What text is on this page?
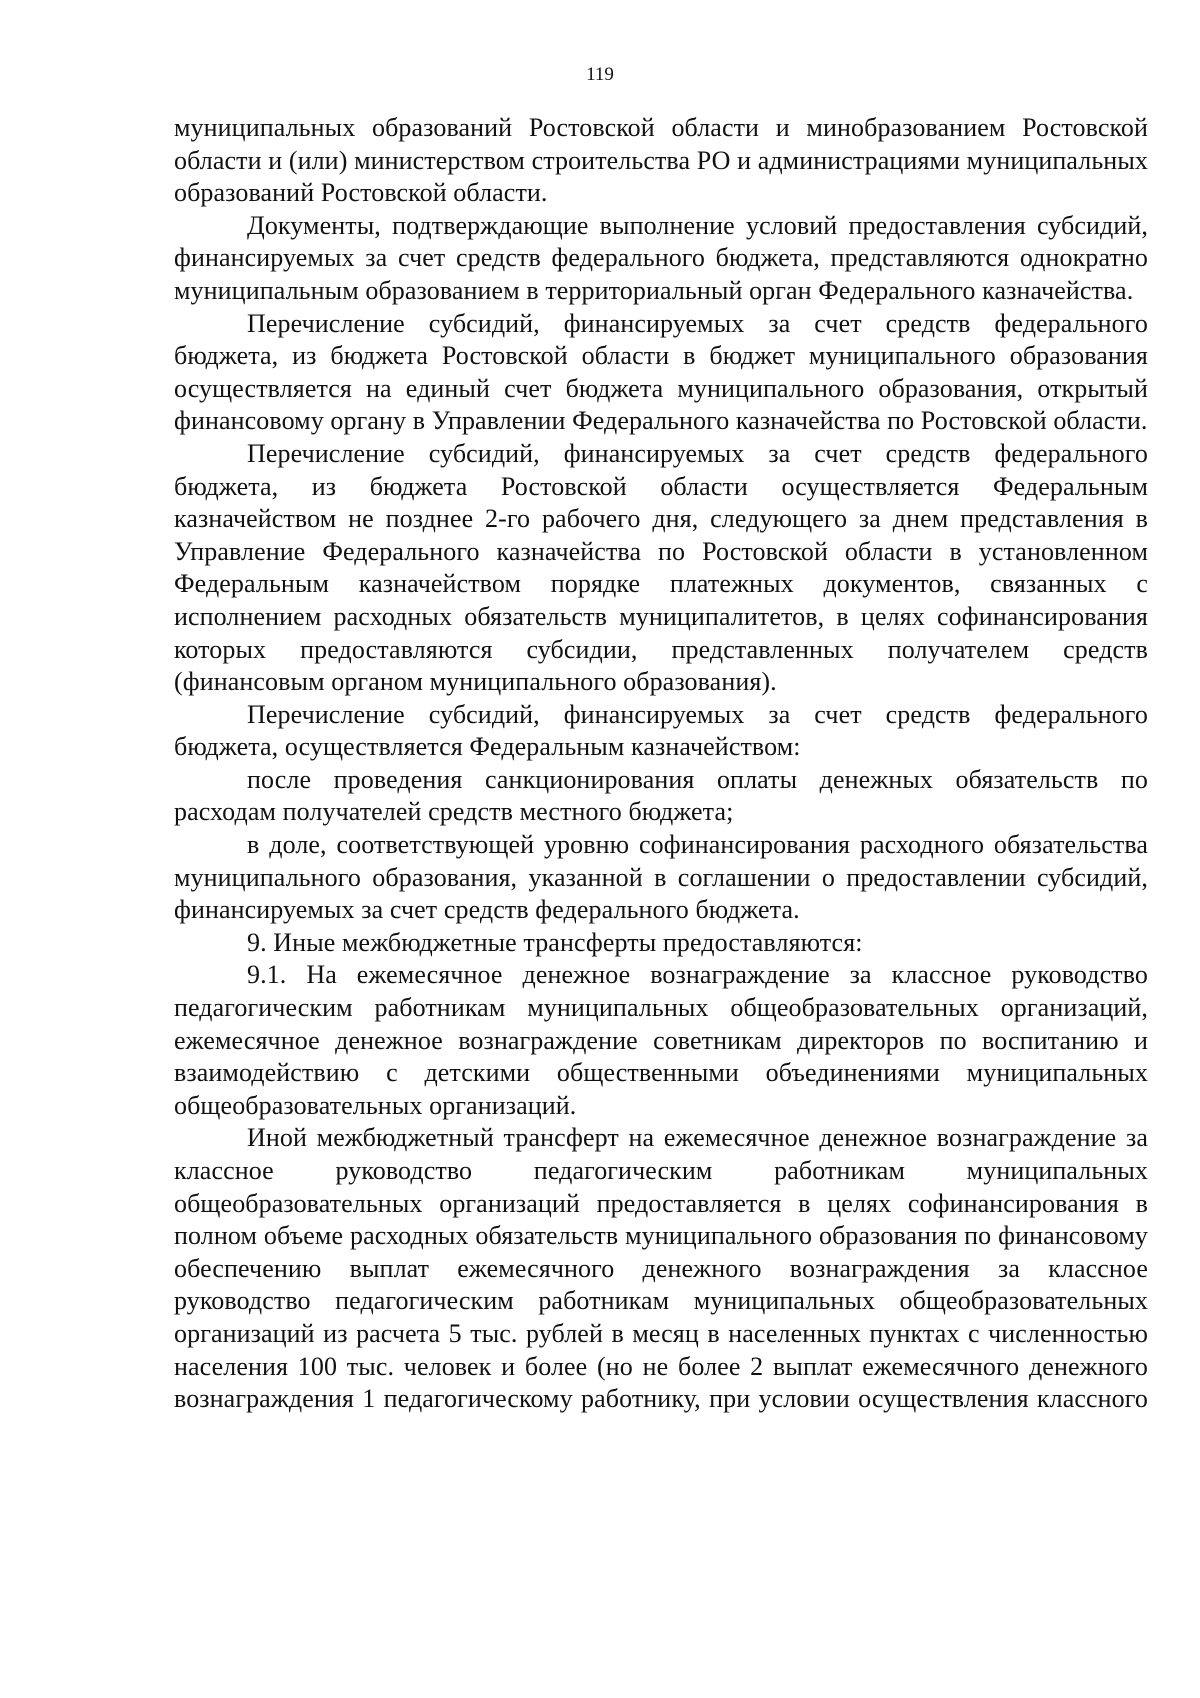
119

муниципальных образований Ростовской области и минобразованием Ростовской области и (или) министерством строительства РО и администрациями муниципальных образований Ростовской области.

Документы, подтверждающие выполнение условий предоставления субсидий, финансируемых за счет средств федерального бюджета, представляются однократно муниципальным образованием в территориальный орган Федерального казначейства.

Перечисление субсидий, финансируемых за счет средств федерального бюджета, из бюджета Ростовской области в бюджет муниципального образования осуществляется на единый счет бюджета муниципального образования, открытый финансовому органу в Управлении Федерального казначейства по Ростовской области.

Перечисление субсидий, финансируемых за счет средств федерального бюджета, из бюджета Ростовской области осуществляется Федеральным казначейством не позднее 2-го рабочего дня, следующего за днем представления в Управление Федерального казначейства по Ростовской области в установленном Федеральным казначейством порядке платежных документов, связанных с исполнением расходных обязательств муниципалитетов, в целях софинансирования которых предоставляются субсидии, представленных получателем средств (финансовым органом муниципального образования).

Перечисление субсидий, финансируемых за счет средств федерального бюджета, осуществляется Федеральным казначейством:

после проведения санкционирования оплаты денежных обязательств по расходам получателей средств местного бюджета;

в доле, соответствующей уровню софинансирования расходного обязательства муниципального образования, указанной в соглашении о предоставлении субсидий, финансируемых за счет средств федерального бюджета.

9. Иные межбюджетные трансферты предоставляются:

9.1. На ежемесячное денежное вознаграждение за классное руководство педагогическим работникам муниципальных общеобразовательных организаций, ежемесячное денежное вознаграждение советникам директоров по воспитанию и взаимодействию с детскими общественными объединениями муниципальных общеобразовательных организаций.

Иной межбюджетный трансферт на ежемесячное денежное вознаграждение за классное руководство педагогическим работникам муниципальных общеобразовательных организаций предоставляется в целях софинансирования в полном объеме расходных обязательств муниципального образования по финансовому обеспечению выплат ежемесячного денежного вознаграждения за классное руководство педагогическим работникам муниципальных общеобразовательных организаций из расчета 5 тыс. рублей в месяц в населенных пунктах с численностью населения 100 тыс. человек и более (но не более 2 выплат ежемесячного денежного вознаграждения 1 педагогическому работнику, при условии осуществления классного
